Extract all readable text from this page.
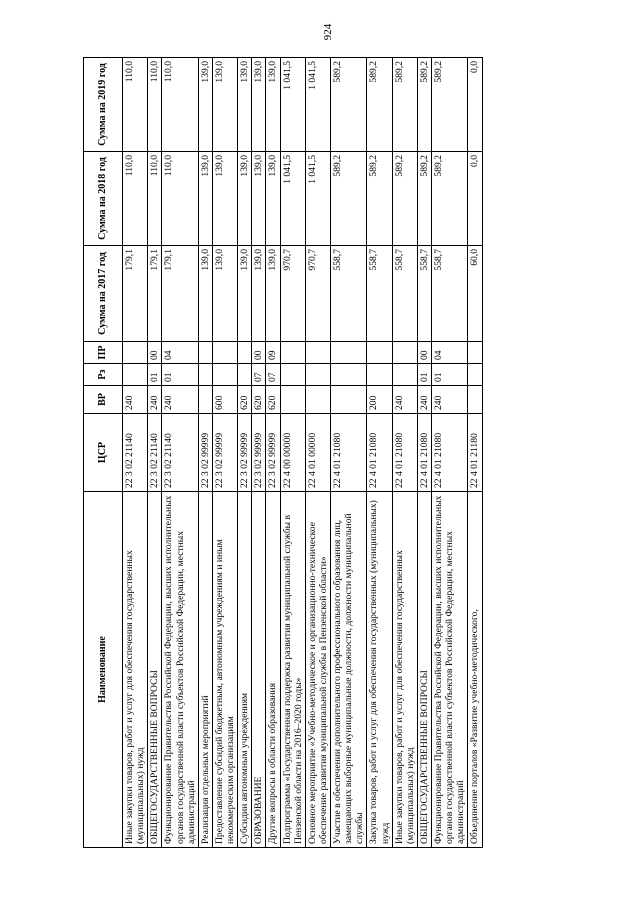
924
Наименование	ЦСР	ВР	Рз	ПР	Сумма на 2017 год	Сумма на 2018 год	Сумма на 2019 год
Иные закупки товаров, работ и услуг для обеспечения государственных (муниципальных) нужд	22 3 02 21140	240			179,1	110,0	110,0
ОБЩЕГОСУДАРСТВЕННЫЕ ВОПРОСЫ	22 3 02 21140	240	01	00	179,1	110,0	110,0
Функционирование Правительства Российской Федерации, высших исполнительных органов государственной власти субъектов Российской Федерации, местных администраций	22 3 02 21140	240	01	04	179,1	110,0	110,0
Реализация отдельных мероприятий	22 3 02 99999				139,0	139,0	139,0
Предоставление субсидий бюджетным, автономным учреждениям и иным некоммерческим организациям	22 3 02 99999	600			139,0	139,0	139,0
Субсидии автономным учреждениям	22 3 02 99999	620			139,0	139,0	139,0
ОБРАЗОВАНИЕ	22 3 02 99999	620	07	00	139,0	139,0	139,0
Другие вопросы в области образования	22 3 02 99999	620	07	09	139,0	139,0	139,0
Подпрограмма «Государственная поддержка развития муниципальной службы в Пензенской области на 2016–2020 годы»	22 4 00 00000				970,7	1 041,5	1 041,5
Основное мероприятие «Учебно-методическое и организационно-техническое обеспечение развития муниципальной службы в Пензенской области»	22 4 01 00000				970,7	1 041,5	1 041,5
Участие в обеспечении дополнительного профессионального образования лиц, замещающих выборные муниципальные должности, должности муниципальной службы	22 4 01 21080				558,7	589,2	589,2
Закупка товаров, работ и услуг для обеспечения государственных (муниципальных) нужд	22 4 01 21080	200			558,7	589,2	589,2
Иные закупки товаров, работ и услуг для обеспечения государственных (муниципальных) нужд	22 4 01 21080	240			558,7	589,2	589,2
ОБЩЕГОСУДАРСТВЕННЫЕ ВОПРОСЫ	22 4 01 21080	240	01	00	558,7	589,2	589,2
Функционирование Правительства Российской Федерации, высших исполнительных органов государственной власти субъектов Российской Федерации, местных администраций	22 4 01 21080	240	01	04	558,7	589,2	589,2
Объединение порталов «Развитие учебно-методического,	22 4 01 21180				60,0	0,0	0,0
